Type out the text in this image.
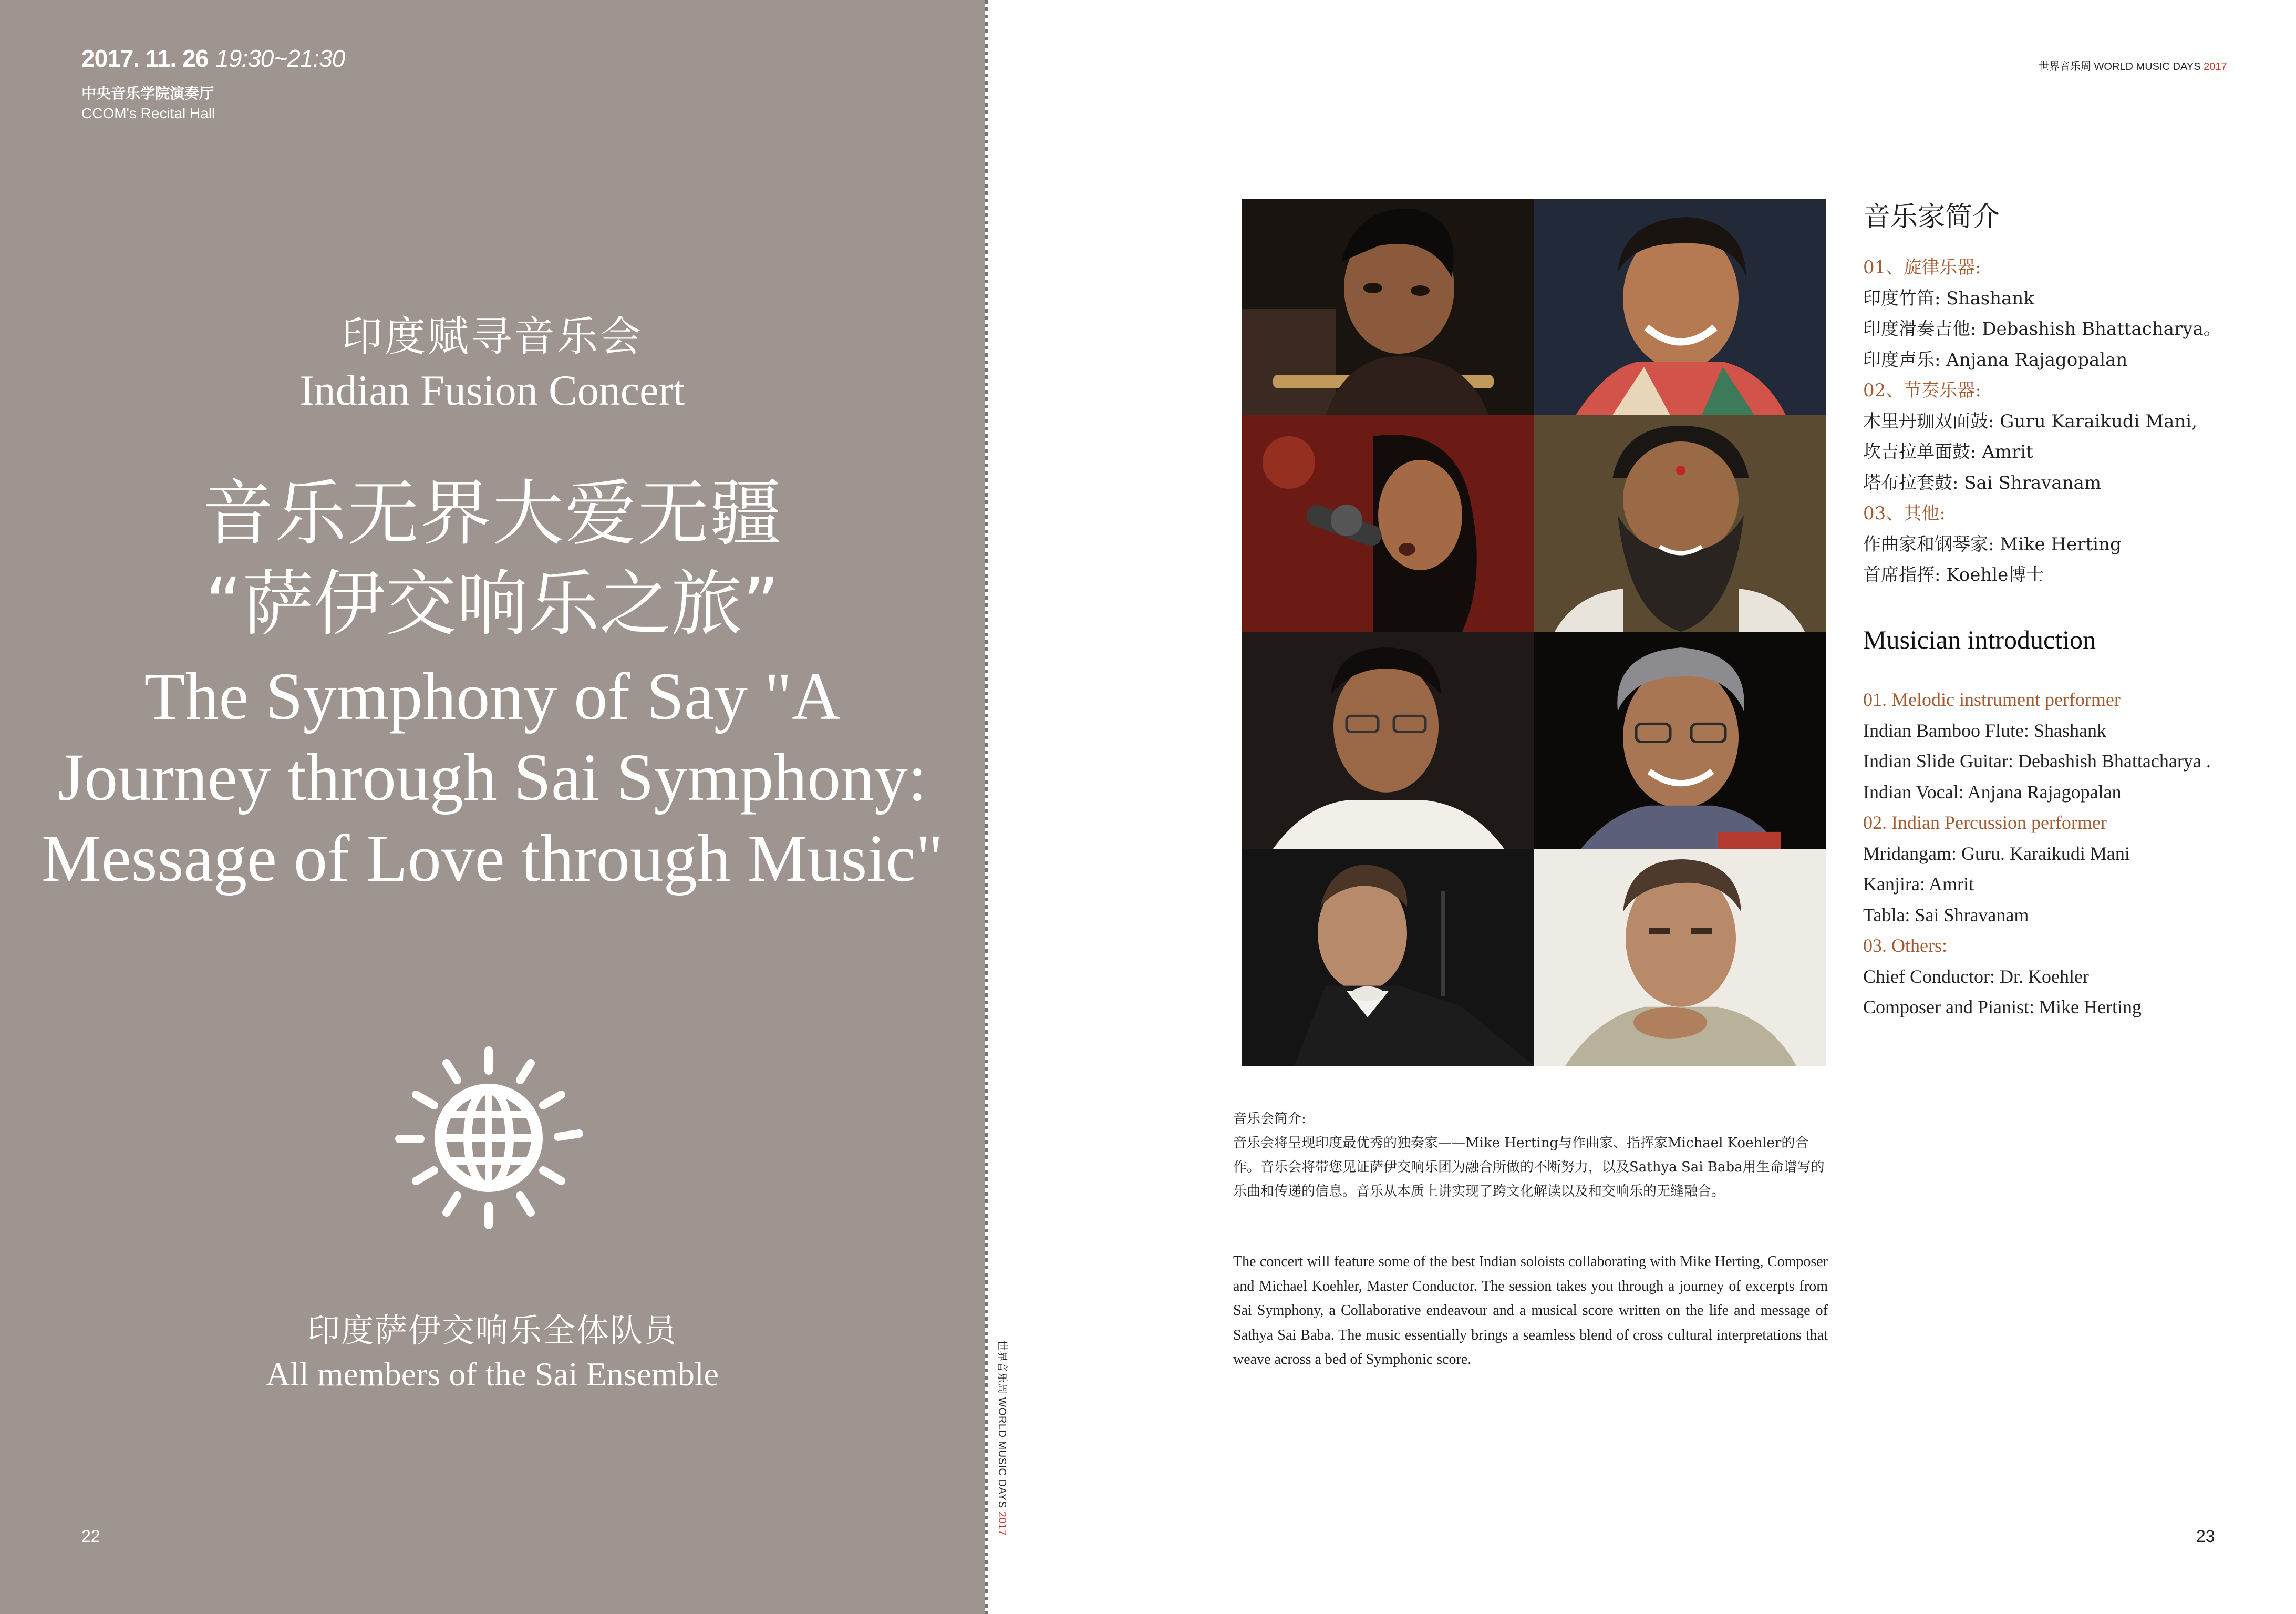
2017. 11. 26 19:30~21:30
中央音乐学院演奏厅
CCOM's Recital Hall
印度赋寻音乐会
Indian Fusion Concert
音乐无界大爱无疆
“萨伊交响乐之旅”
The Symphony of Say "A Journey through Sai Symphony: Message of Love through Music"
印度萨伊交响乐全体队员
All members of the Sai Ensemble
22
世界音乐周 WORLD MUSIC DAYS 2017
世界音乐周 WORLD MUSIC DAYS 2017
音乐家简介
01、旋律乐器:
印度竹笛: Shashank
印度滑奏吉他: Debashish Bhattacharya。
印度声乐: Anjana Rajagopalan
02、节奏乐器:
木里丹珈双面鼓: Guru Karaikudi Mani,
坎吉拉单面鼓: Amrit
塔布拉套鼓: Sai Shravanam
03、其他:
作曲家和钢琴家: Mike Herting
首席指挥: Koehle博士
Musician introduction
01. Melodic instrument performer
Indian Bamboo Flute: Shashank
Indian Slide Guitar: Debashish Bhattacharya .
Indian Vocal: Anjana Rajagopalan
02. Indian Percussion performer
Mridangam: Guru. Karaikudi Mani
Kanjira: Amrit
Tabla: Sai Shravanam
03. Others:
Chief Conductor: Dr. Koehler
Composer and Pianist: Mike Herting
音乐会简介:
音乐会将呈现印度最优秀的独奏家——Mike Herting与作曲家、指挥家Michael Koehler的合作。音乐会将带您见证萨伊交响乐团为融合所做的不断努力，以及Sathya Sai Baba用生命谱写的乐曲和传递的信息。音乐从本质上讲实现了跨文化解读以及和交响乐的无缝融合。
The concert will feature some of the best Indian soloists collaborating with Mike Herting, Composer and Michael Koehler, Master Conductor. The session takes you through a journey of excerpts from Sai Symphony, a Collaborative endeavour and a musical score written on the life and message of Sathya Sai Baba. The music essentially brings a seamless blend of cross cultural interpretations that weave across a bed of Symphonic score.
23
